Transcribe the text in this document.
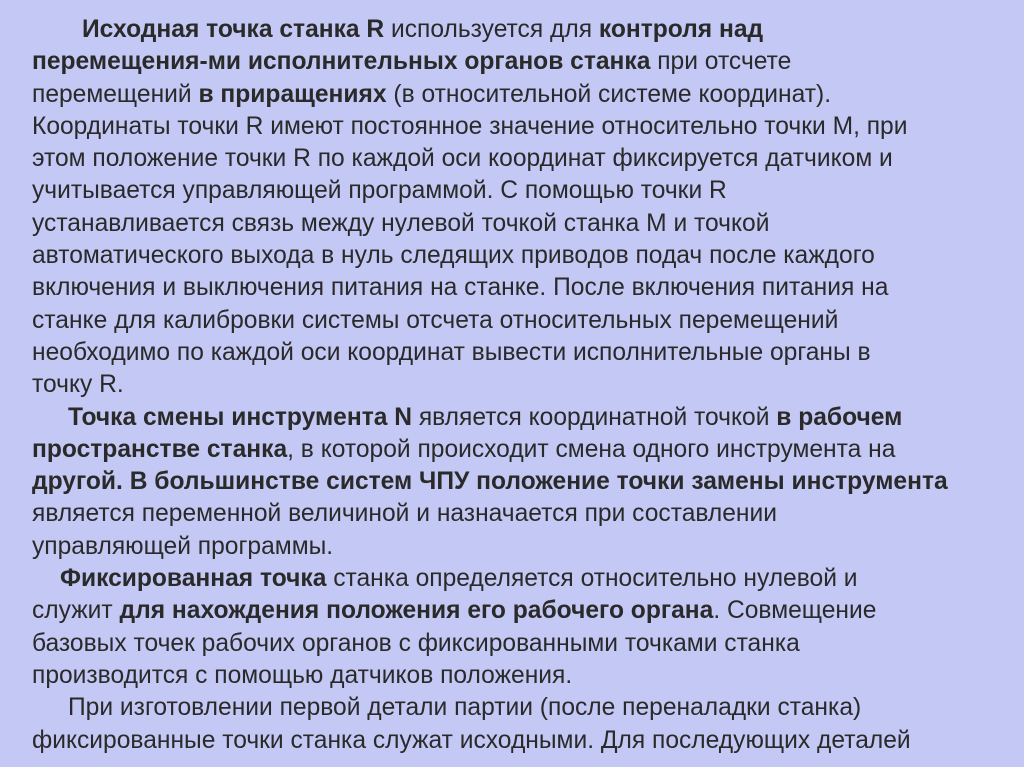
Исходная точка станка R используется для контроля над
перемещения-ми исполнительных органов станка при отсчете
перемещений в приращениях (в относительной системе координат).
Координаты точки R имеют постоянное значение относительно точки М, при
этом положение точки R по каждой оси координат фиксируется датчиком и
учитывается управляющей программой. С помощью точки R
устанавливается связь между нулевой точкой станка М и точкой
автоматического выхода в нуль следящих приводов подач после каждого
включения и выключения питания на станке. После включения питания на
станке для калибровки системы отсчета относительных перемещений
необходимо по каждой оси координат вывести исполнительные органы в
точку R.
Точка смены инструмента N является координатной точкой в рабочем
пространстве станка, в которой происходит смена одного инструмента на
другой. В большинстве систем ЧПУ положение точки замены инструмента
является переменной величиной и назначается при составлении
управляющей программы.
Фиксированная точка станка определяется относительно нулевой и
служит для нахождения положения его рабочего органа. Совмещение
базовых точек рабочих органов с фиксированными точками станка
производится с помощью датчиков положения.
При изготовлении первой детали партии (после переналадки станка)
фиксированные точки станка служат исходными. Для последующих деталей
